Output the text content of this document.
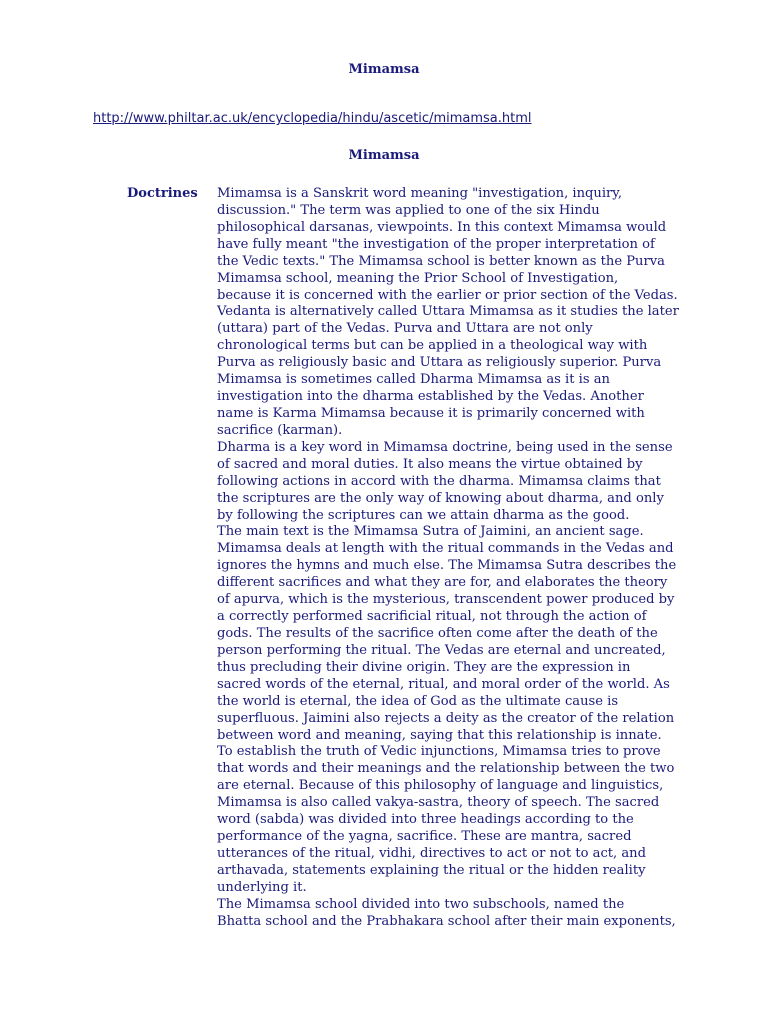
Mimamsa
http://www.philtar.ac.uk/encyclopedia/hindu/ascetic/mimamsa.html
Mimamsa
Doctrines Mimamsa is a Sanskrit word meaning "investigation, inquiry,
discussion." The term was applied to one of the six Hindu
philosophical darsanas, viewpoints. In this context Mimamsa would
have fully meant "the investigation of the proper interpretation of
the Vedic texts." The Mimamsa school is better known as the Purva
Mimamsa school, meaning the Prior School of Investigation,
because it is concerned with the earlier or prior section of the Vedas.
Vedanta is alternatively called Uttara Mimamsa as it studies the later
(uttara) part of the Vedas. Purva and Uttara are not only
chronological terms but can be applied in a theological way with
Purva as religiously basic and Uttara as religiously superior. Purva
Mimamsa is sometimes called Dharma Mimamsa as it is an
investigation into the dharma established by the Vedas. Another
name is Karma Mimamsa because it is primarily concerned with
sacrifice (karman).
Dharma is a key word in Mimamsa doctrine, being used in the sense
of sacred and moral duties. It also means the virtue obtained by
following actions in accord with the dharma. Mimamsa claims that
the scriptures are the only way of knowing about dharma, and only
by following the scriptures can we attain dharma as the good.
The main text is the Mimamsa Sutra of Jaimini, an ancient sage.
Mimamsa deals at length with the ritual commands in the Vedas and
ignores the hymns and much else. The Mimamsa Sutra describes the
different sacrifices and what they are for, and elaborates the theory
of apurva, which is the mysterious, transcendent power produced by
a correctly performed sacrificial ritual, not through the action of
gods. The results of the sacrifice often come after the death of the
person performing the ritual. The Vedas are eternal and uncreated,
thus precluding their divine origin. They are the expression in
sacred words of the eternal, ritual, and moral order of the world. As
the world is eternal, the idea of God as the ultimate cause is
superfluous. Jaimini also rejects a deity as the creator of the relation
between word and meaning, saying that this relationship is innate.
To establish the truth of Vedic injunctions, Mimamsa tries to prove
that words and their meanings and the relationship between the two
are eternal. Because of this philosophy of language and linguistics,
Mimamsa is also called vakya-sastra, theory of speech. The sacred
word (sabda) was divided into three headings according to the
performance of the yagna, sacrifice. These are mantra, sacred
utterances of the ritual, vidhi, directives to act or not to act, and
arthavada, statements explaining the ritual or the hidden reality
underlying it.
The Mimamsa school divided into two subschools, named the
Bhatta school and the Prabhakara school after their main exponents,
